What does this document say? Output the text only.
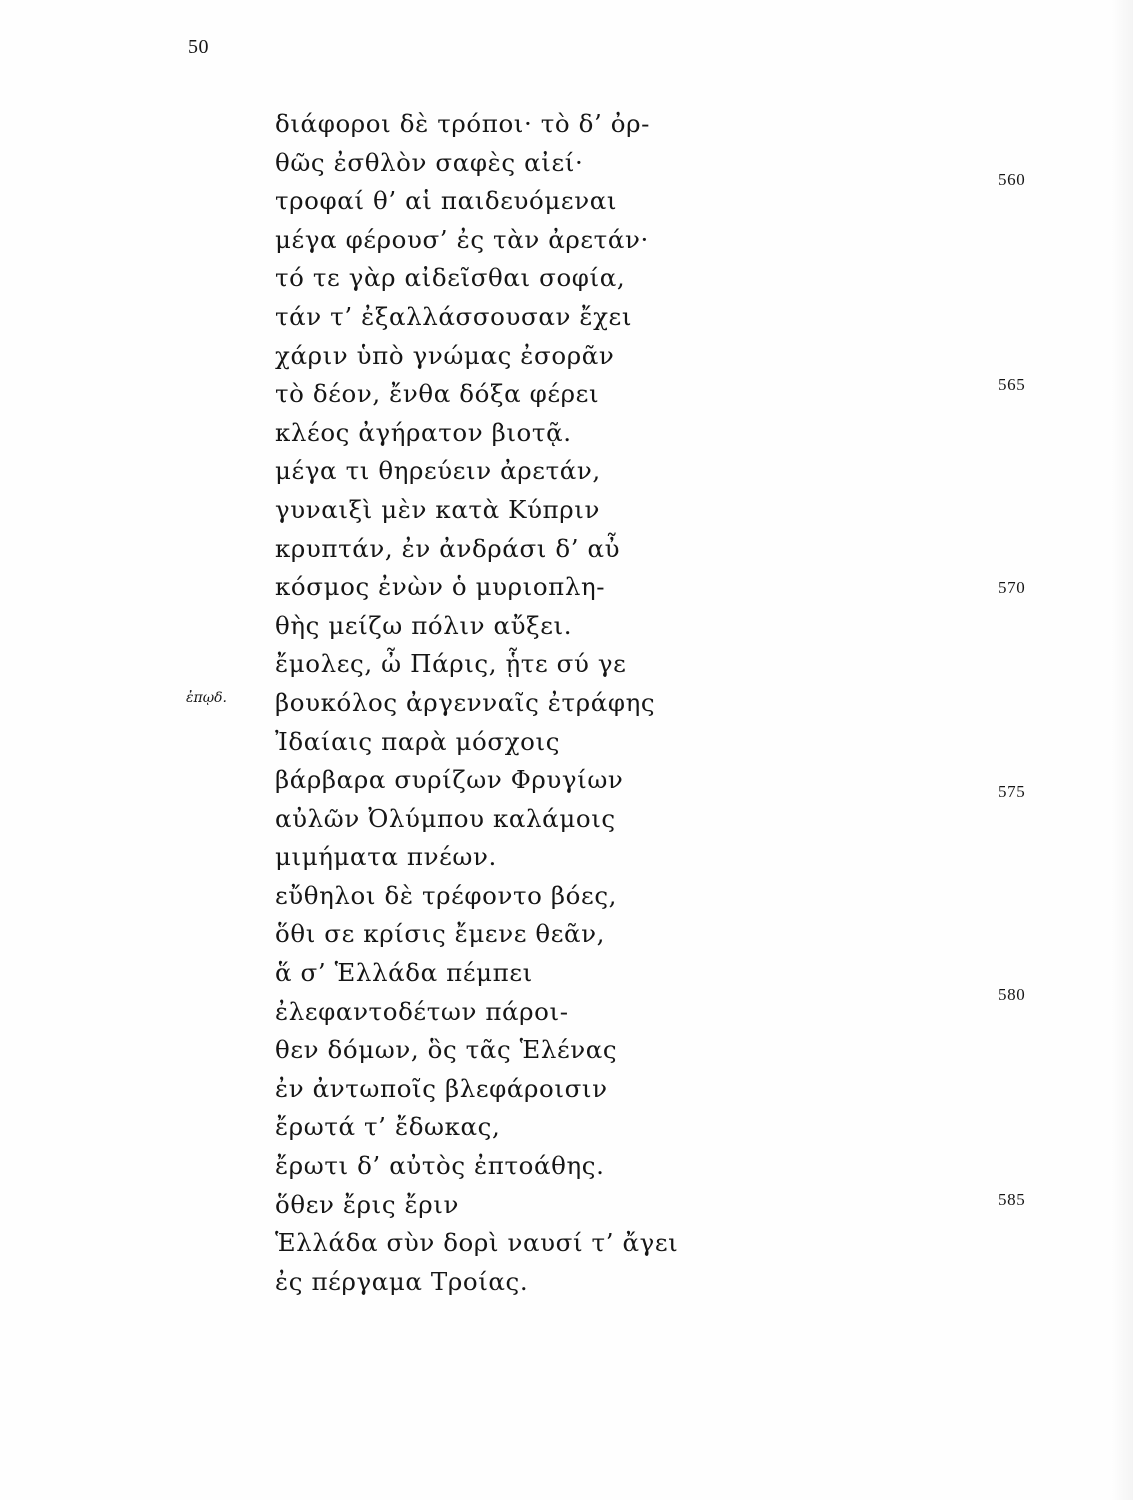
50
ἐπῳδ.
διάφοροι δὲ τρόποι· τὸ δ’ ὀρ-
θῶς ἐσθλὸν σαφὲς αἰεί·
τροφαί θ’ αἱ παιδευόμεναι
μέγα φέρουσ’ ἐς τὰν ἀρετάν·
τό τε γὰρ αἰδεῖσθαι σοφία,
τάν τ’ ἐξαλλάσσουσαν ἔχει
χάριν ὑπὸ γνώμας ἐσορᾶν
τὸ δέον, ἔνθα δόξα φέρει
κλέος ἀγήρατον βιοτᾷ.
μέγα τι θηρεύειν ἀρετάν,
γυναιξὶ μὲν κατὰ Κύπριν
κρυπτάν, ἐν ἀνδράσι δ’ αὖ
κόσμος ἐνὼν ὁ μυριοπλη-
θὴς μείζω πόλιν αὔξει.
ἔμολες, ὦ Πάρις, ᾗτε σύ γε
βουκόλος ἀργενναῖς ἐτράφης
Ἰδαίαις παρὰ μόσχοις
βάρβαρα συρίζων Φρυγίων
αὐλῶν Ὀλύμπου καλάμοις
μιμήματα πνέων.
εὔθηλοι δὲ τρέφοντο βόες,
ὅθι σε κρίσις ἔμενε θεᾶν,
ἅ σ’ Ἑλλάδα πέμπει
ἐλεφαντοδέτων πάροι-
θεν δόμων, ὃς τᾶς Ἑλένας
ἐν ἀντωποῖς βλεφάροισιν
ἔρωτά τ’ ἔδωκας,
ἔρωτι δ’ αὐτὸς ἐπτοάθης.
ὅθεν ἔρις ἔριν
Ἑλλάδα σὺν δορὶ ναυσί τ’ ἄγει
ἐς πέργαμα Τροίας.
560
565
570
575
580
585
